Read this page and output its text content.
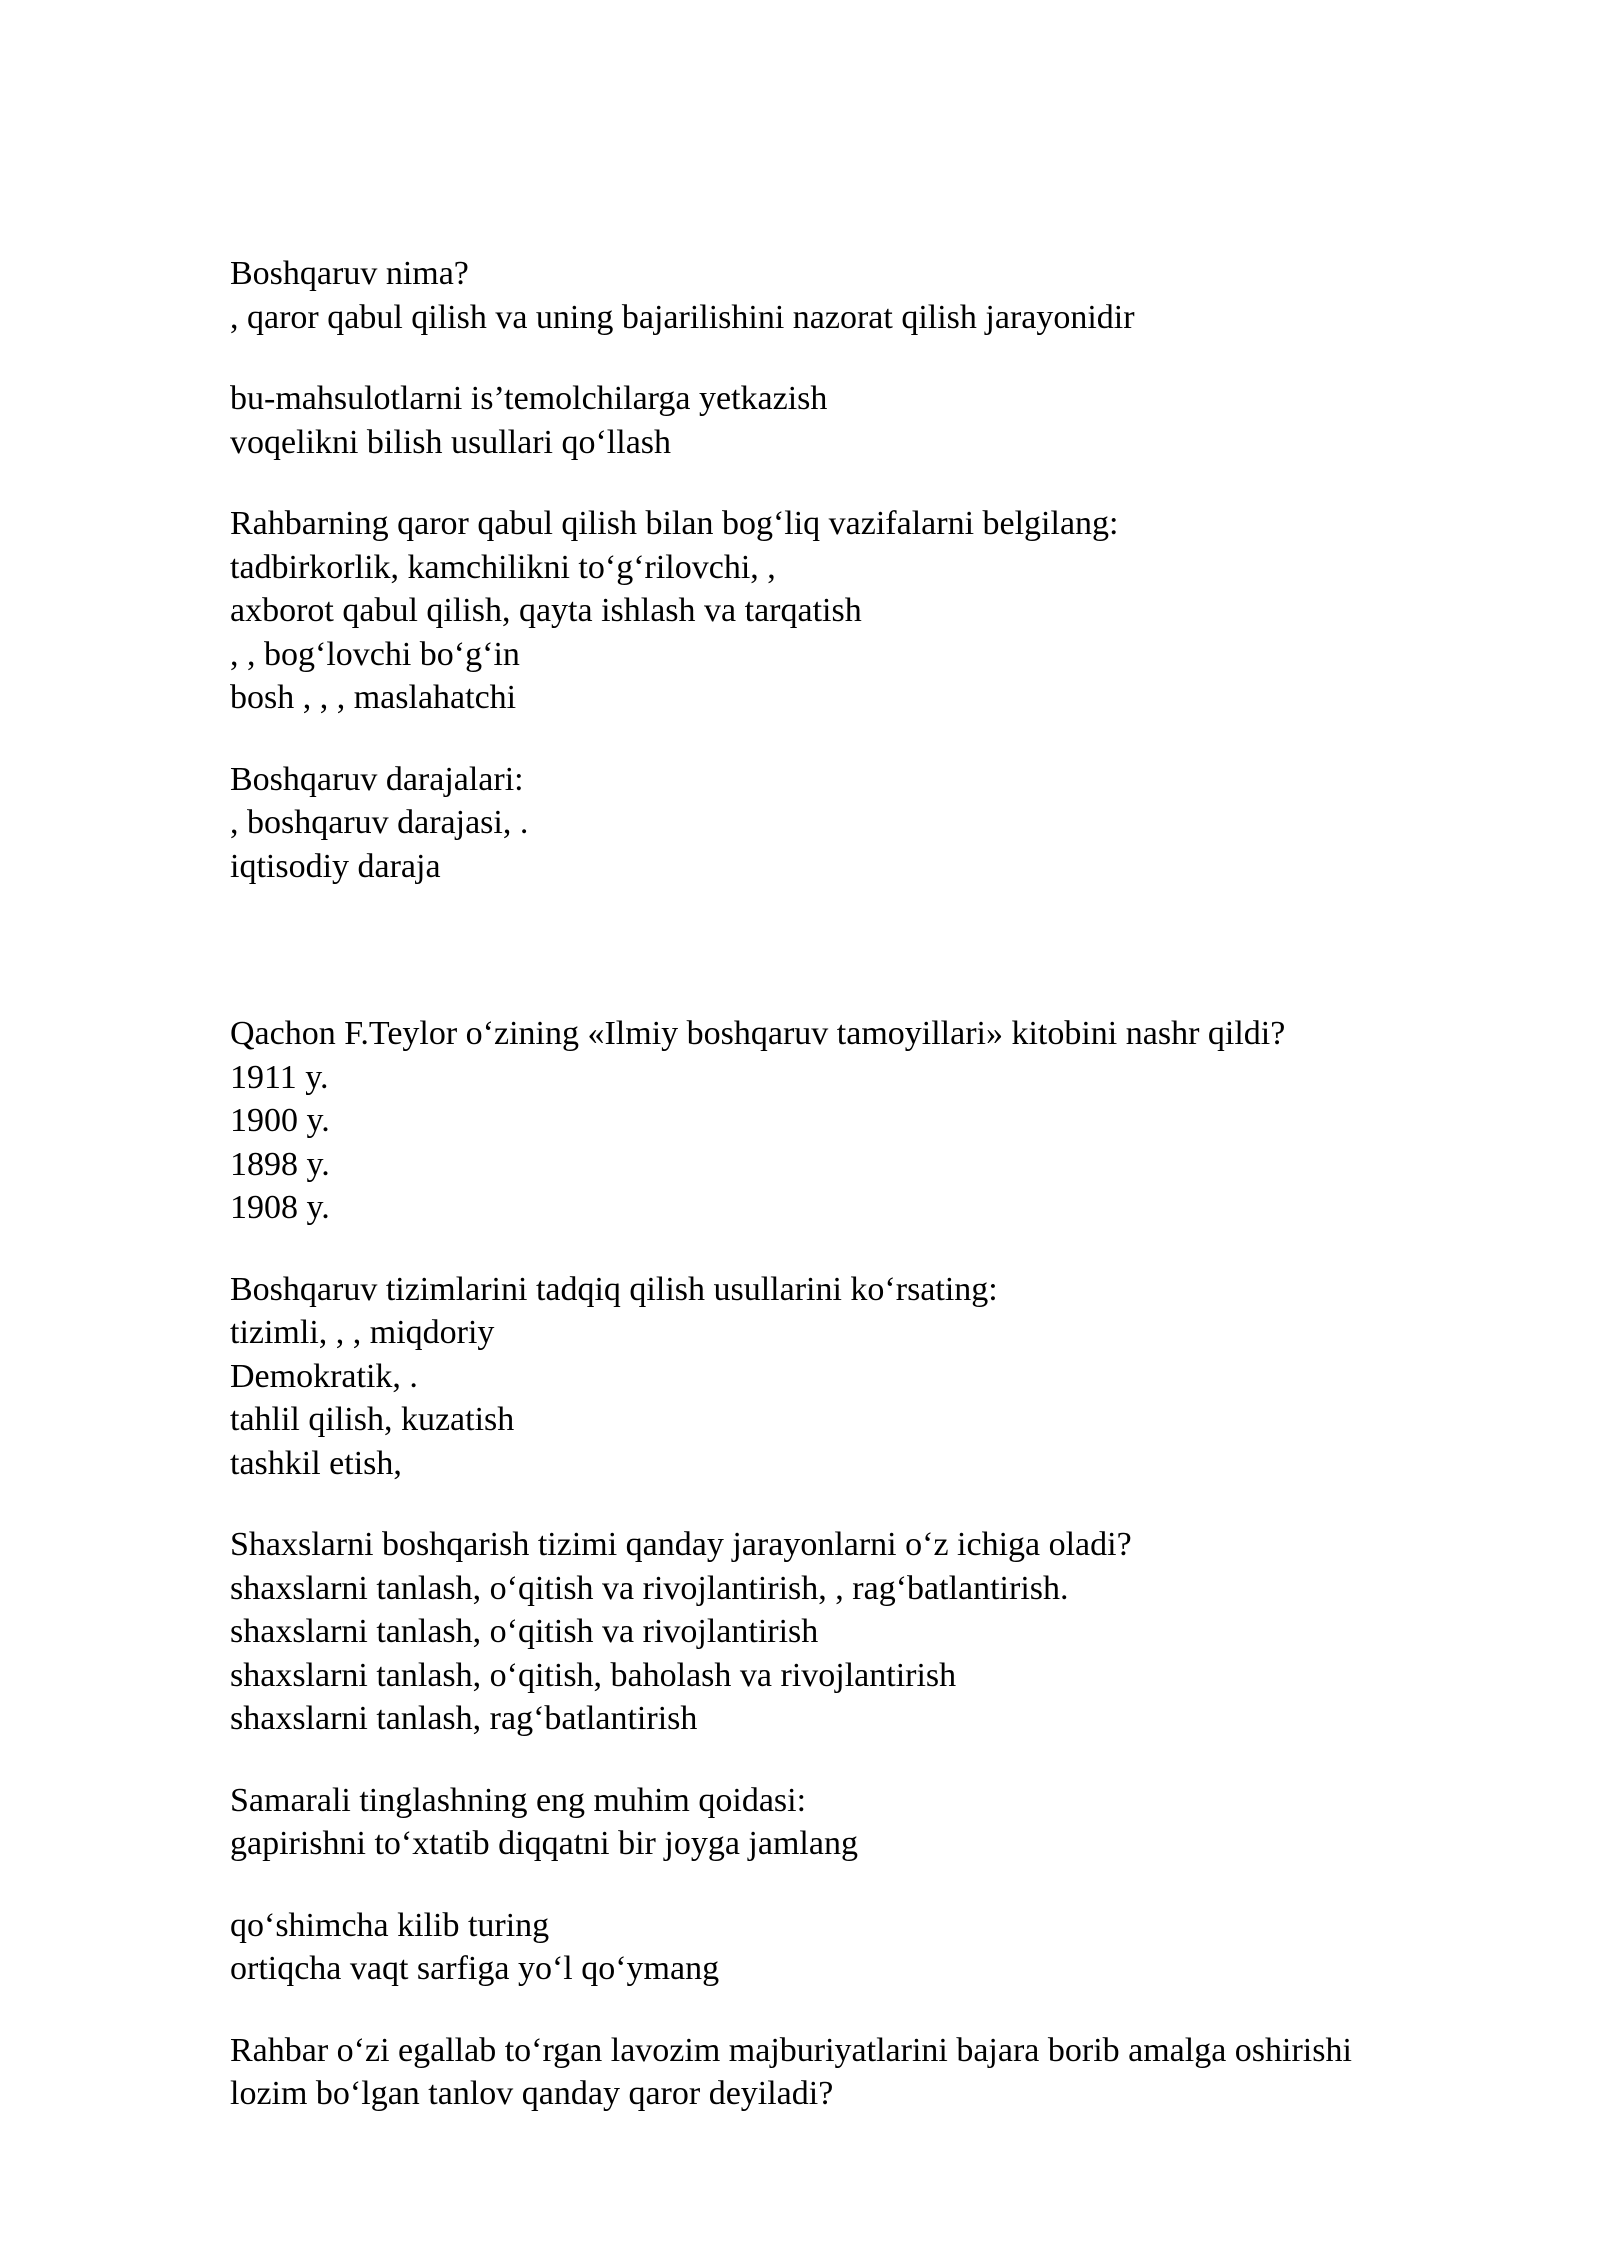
Boshqaruv nima?

, qaror qabul qilish va uning bajarilishini nazorat qilish jarayonidir

bu-mahsulotlarni is’temolchilarga yetkazish

voqelikni bilish usullari qo‘llash

Rahbarning qaror qabul qilish bilan bog‘liq vazifalarni belgilang:

tadbirkorlik, kamchilikni to‘g‘rilovchi, ,

axborot qabul qilish, qayta ishlash va tarqatish

, , bog‘lovchi bo‘g‘in

bosh , , , maslahatchi

Boshqaruv darajalari:

, boshqaruv darajasi, .

iqtisodiy daraja

Qachon F.Teylor o‘zining «Ilmiy boshqaruv tamoyillari» kitobini nashr qildi?

1911 y.

1900 y.

1898 y.

1908 y.

Boshqaruv tizimlarini tadqiq qilish usullarini ko‘rsating:

tizimli, , , miqdoriy

Demokratik, .

tahlil qilish, kuzatish

tashkil etish,

Shaxslarni boshqarish tizimi qanday jarayonlarni o‘z ichiga oladi?

shaxslarni tanlash, o‘qitish va rivojlantirish, , rag‘batlantirish.

shaxslarni tanlash, o‘qitish va rivojlantirish

shaxslarni tanlash, o‘qitish, baholash va rivojlantirish

shaxslarni tanlash, rag‘batlantirish

Samarali tinglashning eng muhim qoidasi:

gapirishni to‘xtatib diqqatni bir joyga jamlang

qo‘shimcha kilib turing

ortiqcha vaqt sarfiga yo‘l qo‘ymang

Rahbar o‘zi egallab to‘rgan lavozim majburiyatlarini bajara borib amalga oshirishi

lozim bo‘lgan tanlov qanday qaror deyiladi?
